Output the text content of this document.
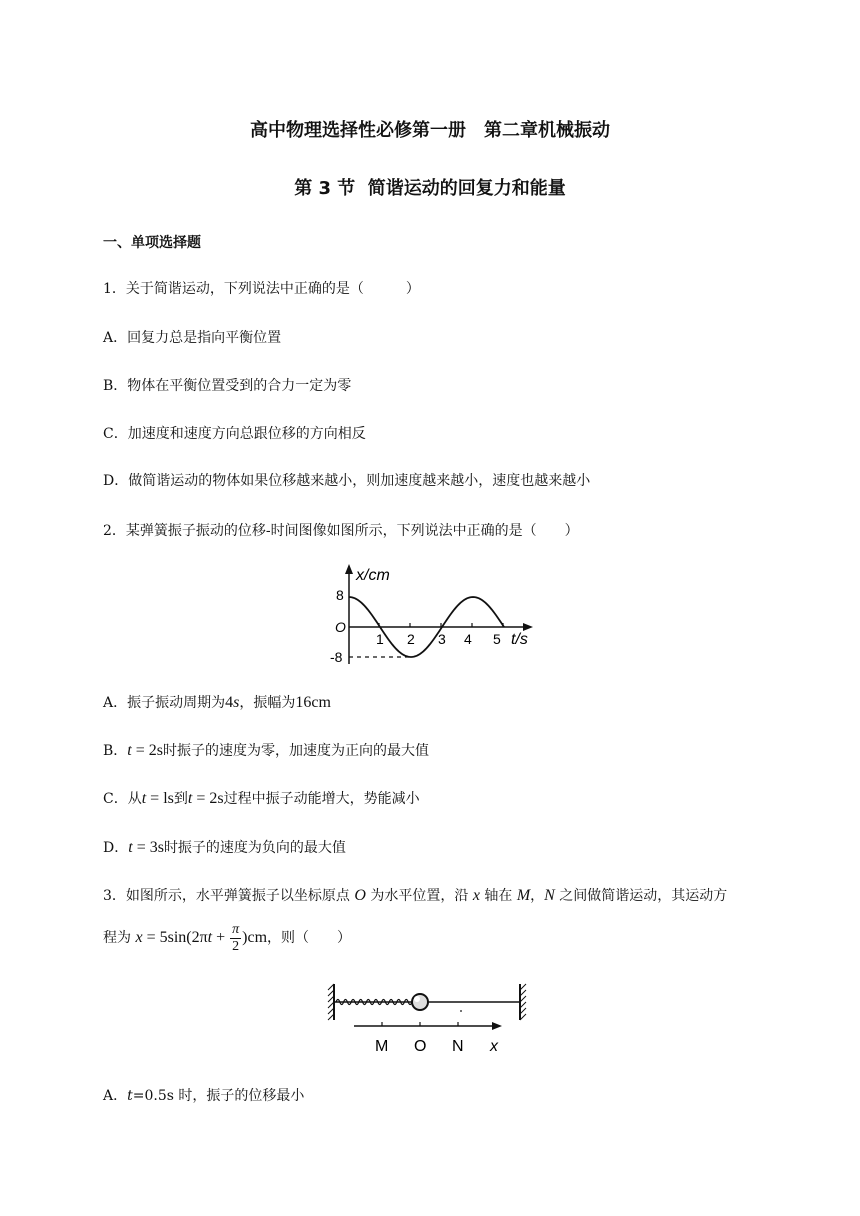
高中物理选择性必修第一册　第二章机械振动
第 3 节  简谐运动的回复力和能量
一、单项选择题
1．关于简谐运动，下列说法中正确的是（　　　）
A．回复力总是指向平衡位置
B．物体在平衡位置受到的合力一定为零
C．加速度和速度方向总跟位移的方向相反
D．做简谐运动的物体如果位移越来越小，则加速度越来越小，速度也越来越小
2．某弹簧振子振动的位移-时间图像如图所示，下列说法中正确的是（　　）
x/cm
8
O
-8
1 2 3 4 5 t/s
A．振子振动周期为4s，振幅为16cm
B．t = 2s时振子的速度为零，加速度为正向的最大值
C．从t = ls到t = 2s过程中振子动能增大，势能减小
D．t = 3s时振子的速度为负向的最大值
3．如图所示，水平弹簧振子以坐标原点 O 为水平位置，沿 x 轴在 M，N 之间做简谐运动，其运动方
程为 $x = 5\sin(2\pi t + \frac{\pi}{2} )cm$，则（　　）
M O N x
A．t=0.5s 时，振子的位移最小
